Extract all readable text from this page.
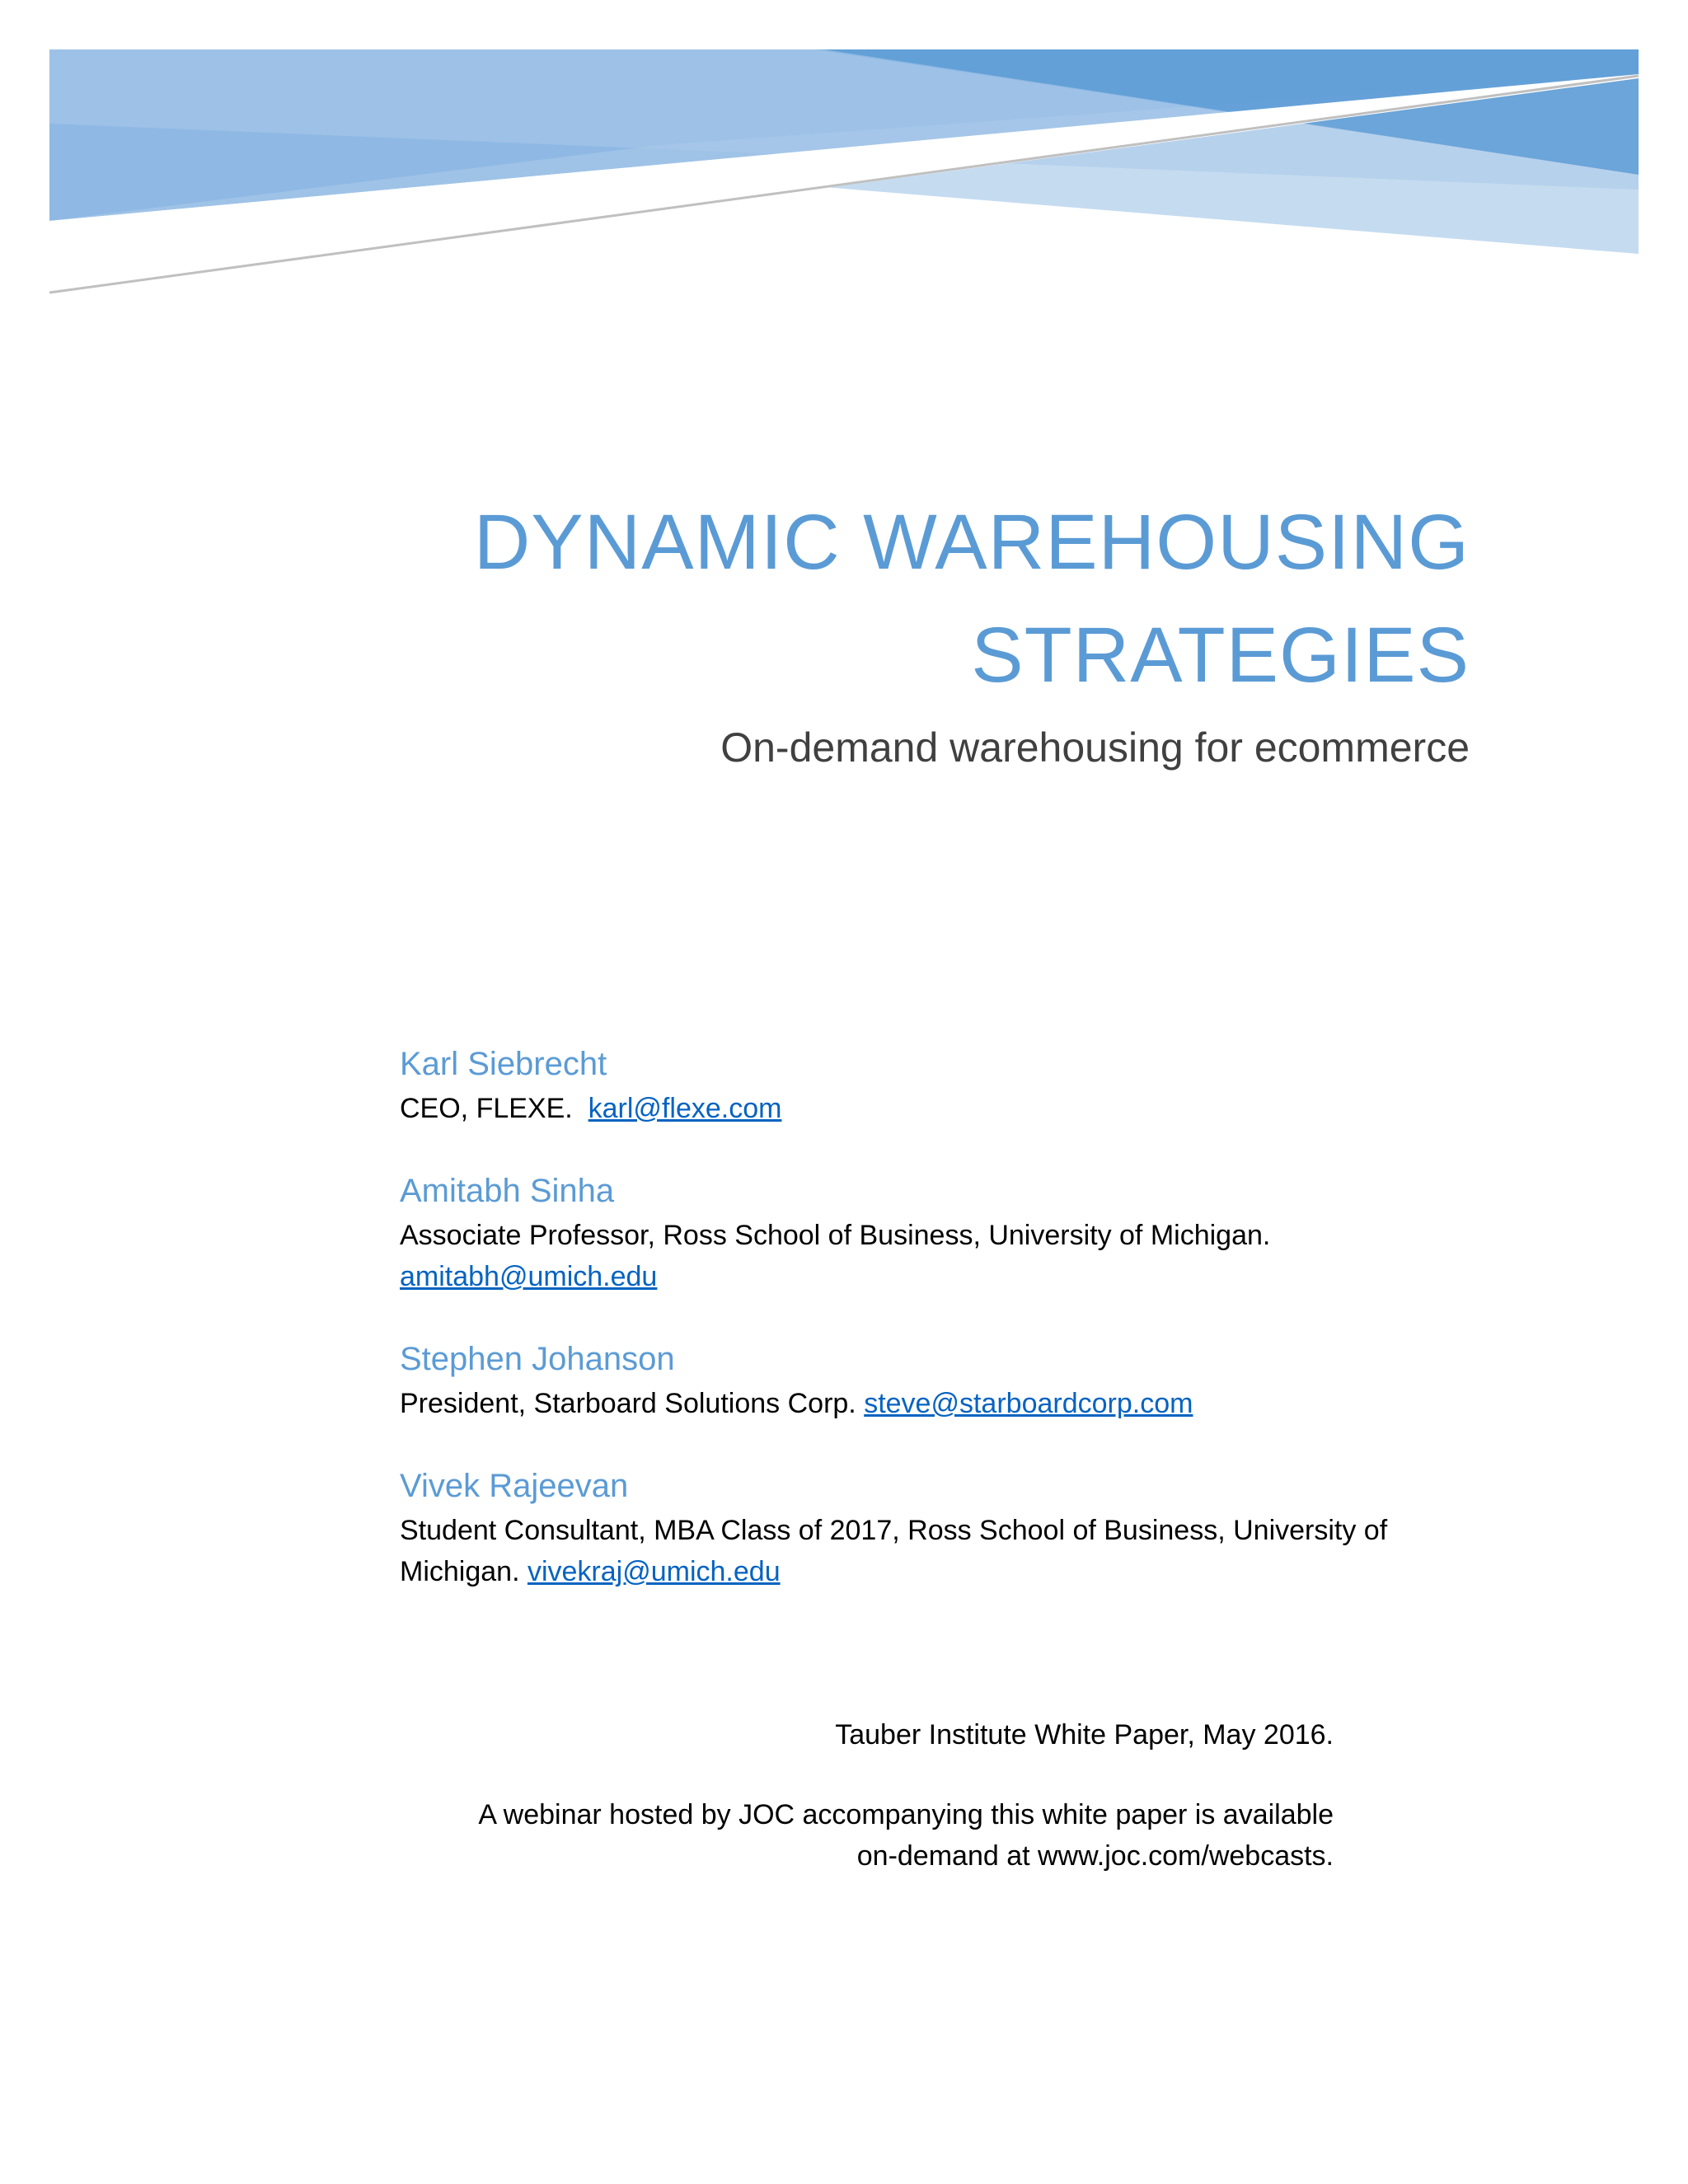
DYNAMIC WAREHOUSING
STRATEGIES
On-demand warehousing for ecommerce
Karl Siebrecht
CEO, FLEXE. karl@flexe.com
Amitabh Sinha
Associate Professor, Ross School of Business, University of Michigan.
amitabh@umich.edu
Stephen Johanson
President, Starboard Solutions Corp. steve@starboardcorp.com
Vivek Rajeevan
Student Consultant, MBA Class of 2017, Ross School of Business, University of Michigan. vivekraj@umich.edu

Tauber Institute White Paper, May 2016.

A webinar hosted by JOC accompanying this white paper is available

on-demand at www.joc.com/webcasts.
